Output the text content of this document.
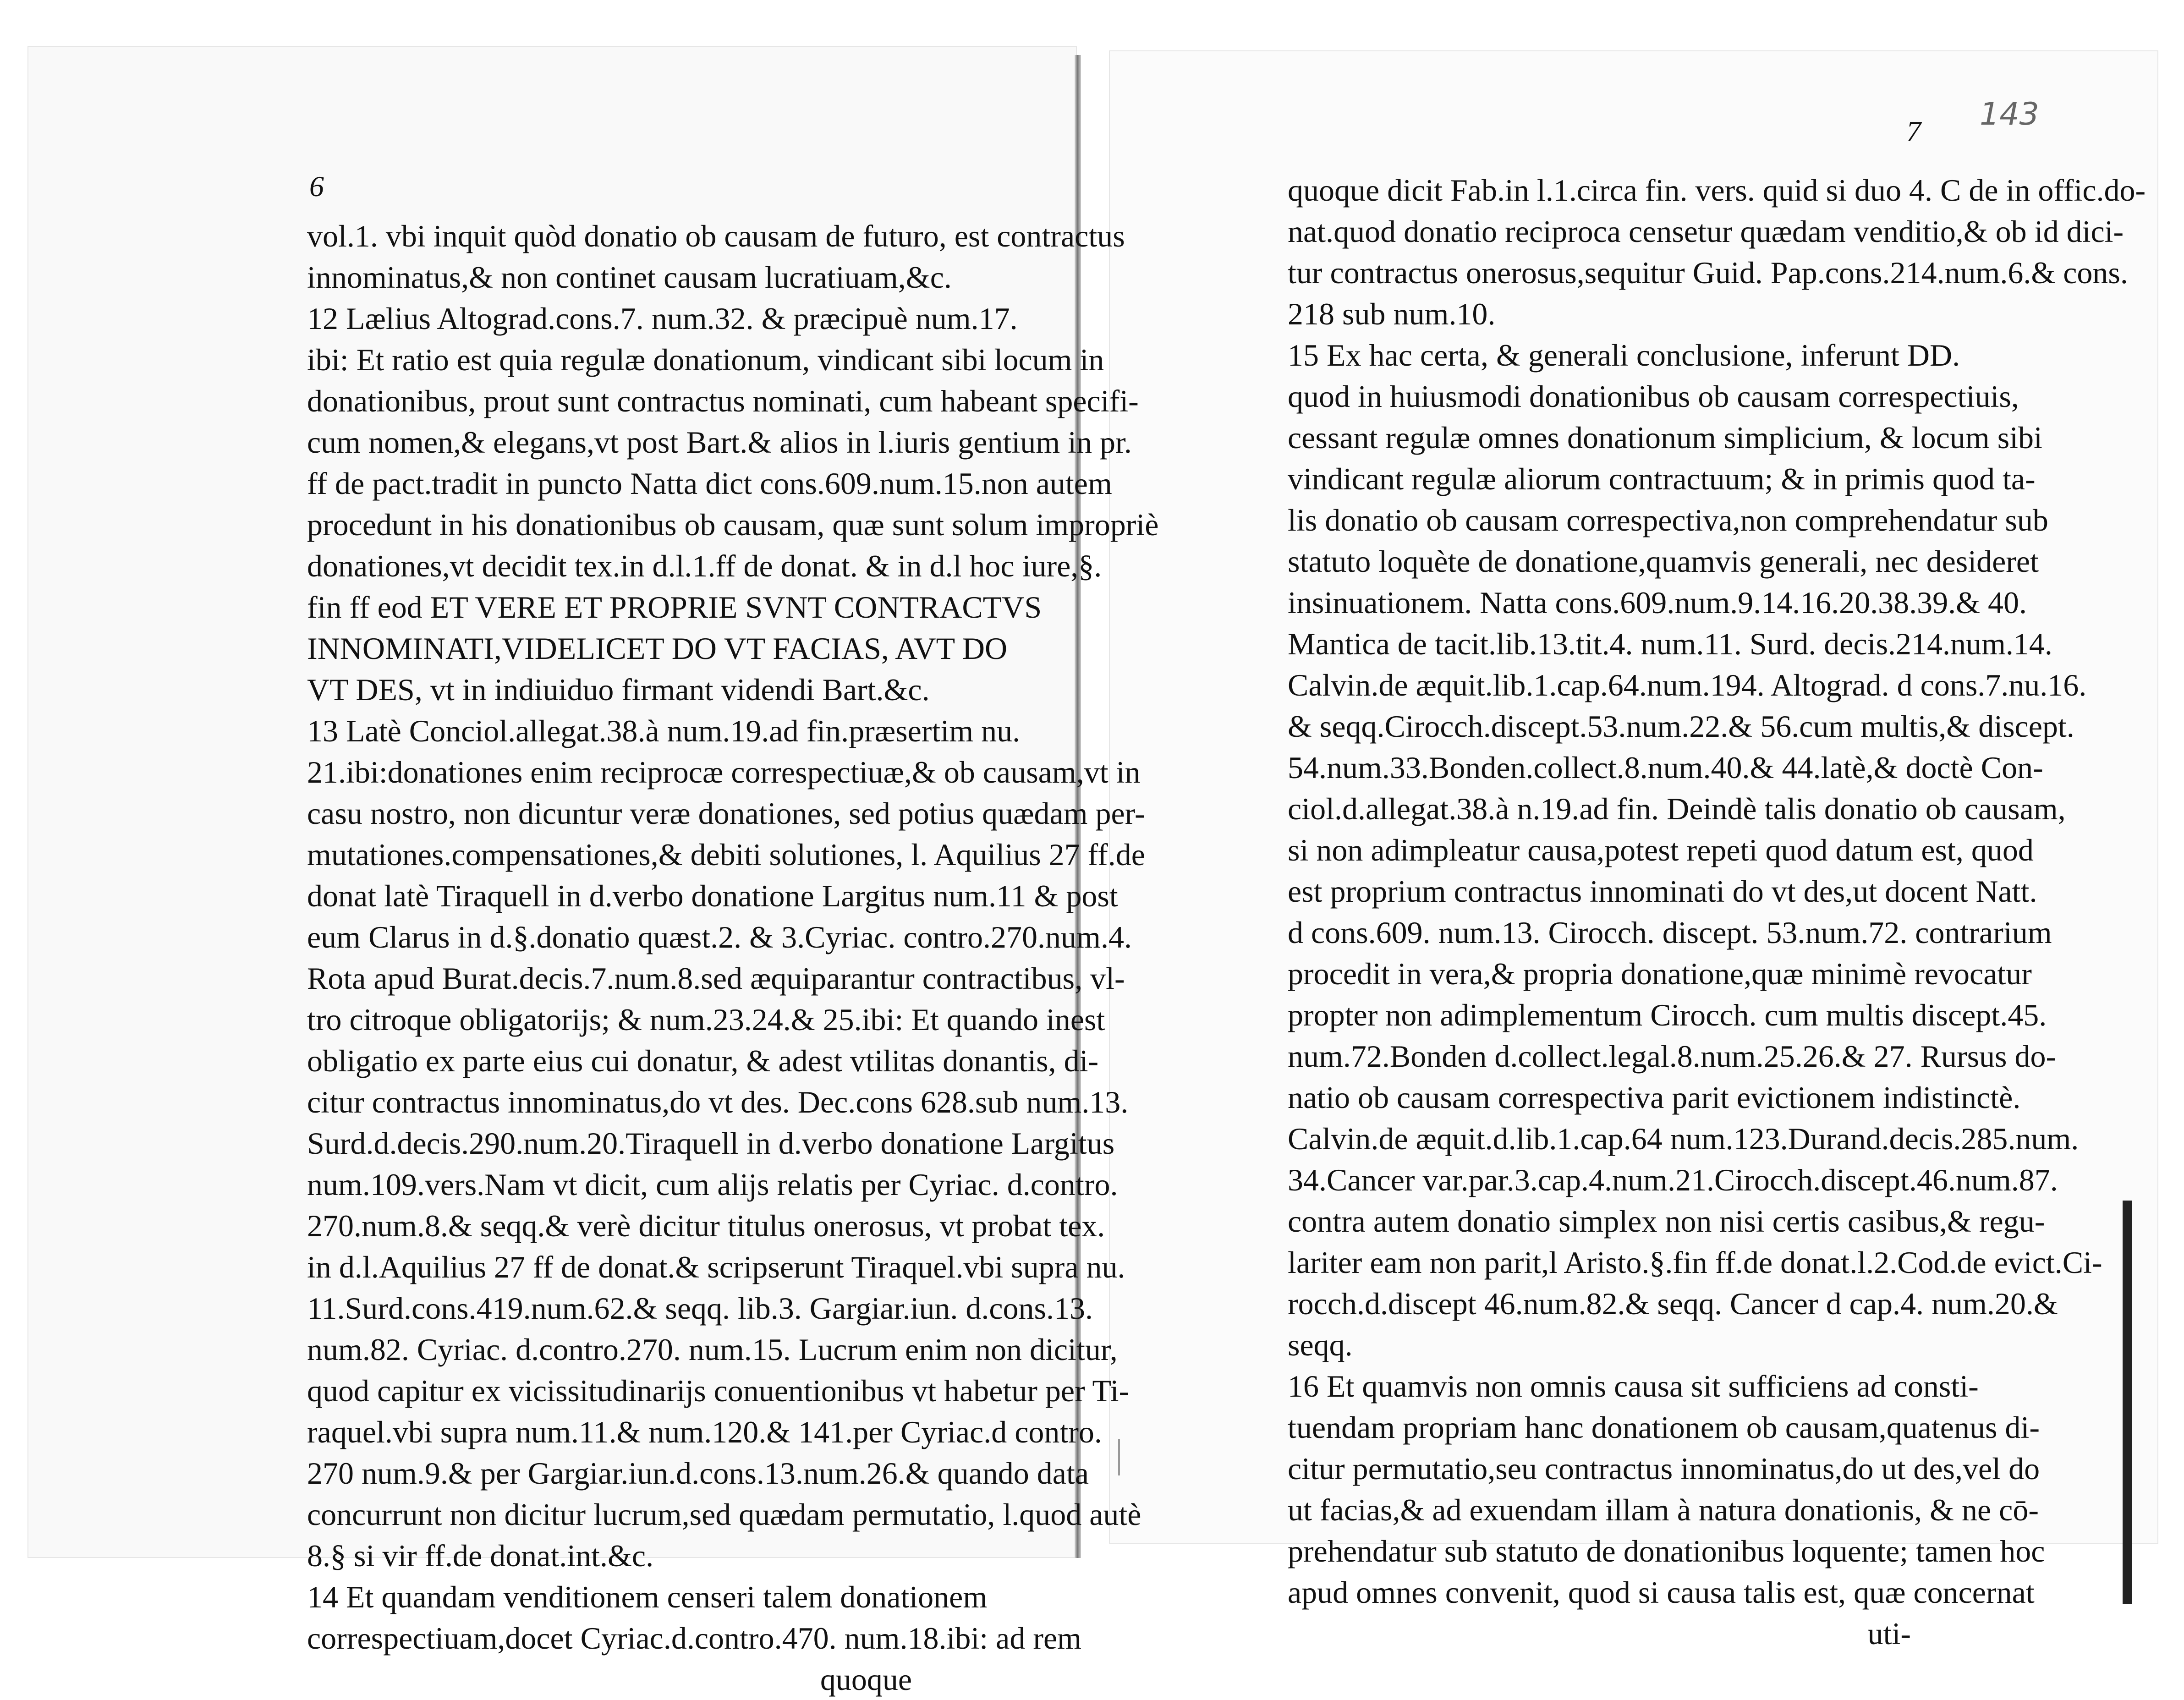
143
6
7
vol.1. vbi inquit quòd donatio ob causam de futuro, est contractus
innominatus,& non continet causam lucratiuam,&c.
12 Lælius Altograd.cons.7. num.32. & præcipuè num.17.
ibi: Et ratio est quia regulæ donationum, vindicant sibi locum in
donationibus, prout sunt contractus nominati, cum habeant specifi-
cum nomen,& elegans,vt post Bart.& alios in l.iuris gentium in pr.
ff de pact.tradit in puncto Natta dict cons.609.num.15.non autem
procedunt in his donationibus ob causam, quæ sunt solum impropriè
donationes,vt decidit tex.in d.l.1.ff de donat. & in d.l hoc iure,§.
fin ff eod ET VERE ET PROPRIE SVNT CONTRACTVS
INNOMINATI,VIDELICET DO VT FACIAS, AVT DO
VT DES, vt in indiuiduo firmant videndi Bart.&c.
13 Latè Conciol.allegat.38.à num.19.ad fin.præsertim nu.
21.ibi:donationes enim reciprocæ correspectiuæ,& ob causam,vt in
casu nostro, non dicuntur veræ donationes, sed potius quædam per-
mutationes.compensationes,& debiti solutiones, l. Aquilius 27 ff.de
donat latè Tiraquell in d.verbo donatione Largitus num.11 & post
eum Clarus in d.§.donatio quæst.2. & 3.Cyriac. contro.270.num.4.
Rota apud Burat.decis.7.num.8.sed æquiparantur contractibus, vl-
tro citroque obligatorijs; & num.23.24.& 25.ibi: Et quando inest
obligatio ex parte eius cui donatur, & adest vtilitas donantis, di-
citur contractus innominatus,do vt des. Dec.cons 628.sub num.13.
Surd.d.decis.290.num.20.Tiraquell in d.verbo donatione Largitus
num.109.vers.Nam vt dicit, cum alijs relatis per Cyriac. d.contro.
270.num.8.& seqq.& verè dicitur titulus onerosus, vt probat tex.
in d.l.Aquilius 27 ff de donat.& scripserunt Tiraquel.vbi supra nu.
11.Surd.cons.419.num.62.& seqq. lib.3. Gargiar.iun. d.cons.13.
num.82. Cyriac. d.contro.270. num.15. Lucrum enim non dicitur,
quod capitur ex vicissitudinarijs conuentionibus vt habetur per Ti-
raquel.vbi supra num.11.& num.120.& 141.per Cyriac.d contro.
270 num.9.& per Gargiar.iun.d.cons.13.num.26.& quando data
concurrunt non dicitur lucrum,sed quædam permutatio, l.quod autè
8.§ si vir ff.de donat.int.&c.
14 Et quandam venditionem censeri talem donationem
correspectiuam,docet Cyriac.d.contro.470. num.18.ibi: ad rem
quoque
quoque dicit Fab.in l.1.circa fin. vers. quid si duo 4. C de in offic.do-
nat.quod donatio reciproca censetur quædam venditio,& ob id dici-
tur contractus onerosus,sequitur Guid. Pap.cons.214.num.6.& cons.
218 sub num.10.
15 Ex hac certa, & generali conclusione, inferunt DD.
quod in huiusmodi donationibus ob causam correspectiuis,
cessant regulæ omnes donationum simplicium, & locum sibi
vindicant regulæ aliorum contractuum; & in primis quod ta-
lis donatio ob causam correspectiva,non comprehendatur sub
statuto loquète de donatione,quamvis generali, nec desideret
insinuationem. Natta cons.609.num.9.14.16.20.38.39.& 40.
Mantica de tacit.lib.13.tit.4. num.11. Surd. decis.214.num.14.
Calvin.de æquit.lib.1.cap.64.num.194. Altograd. d cons.7.nu.16.
& seqq.Cirocch.discept.53.num.22.& 56.cum multis,& discept.
54.num.33.Bonden.collect.8.num.40.& 44.latè,& doctè Con-
ciol.d.allegat.38.à n.19.ad fin. Deindè talis donatio ob causam,
si non adimpleatur causa,potest repeti quod datum est, quod
est proprium contractus innominati do vt des,ut docent Natt.
d cons.609. num.13. Cirocch. discept. 53.num.72. contrarium
procedit in vera,& propria donatione,quæ minimè revocatur
propter non adimplementum Cirocch. cum multis discept.45.
num.72.Bonden d.collect.legal.8.num.25.26.& 27. Rursus do-
natio ob causam correspectiva parit evictionem indistinctè.
Calvin.de æquit.d.lib.1.cap.64 num.123.Durand.decis.285.num.
34.Cancer var.par.3.cap.4.num.21.Cirocch.discept.46.num.87.
contra autem donatio simplex non nisi certis casibus,& regu-
lariter eam non parit,l Aristo.§.fin ff.de donat.l.2.Cod.de evict.Ci-
rocch.d.discept 46.num.82.& seqq. Cancer d cap.4. num.20.&
seqq.
16 Et quamvis non omnis causa sit sufficiens ad consti-
tuendam propriam hanc donationem ob causam,quatenus di-
citur permutatio,seu contractus innominatus,do ut des,vel do
ut facias,& ad exuendam illam à natura donationis, & ne cō-
prehendatur sub statuto de donationibus loquente; tamen hoc
apud omnes convenit, quod si causa talis est, quæ concernat
uti-
